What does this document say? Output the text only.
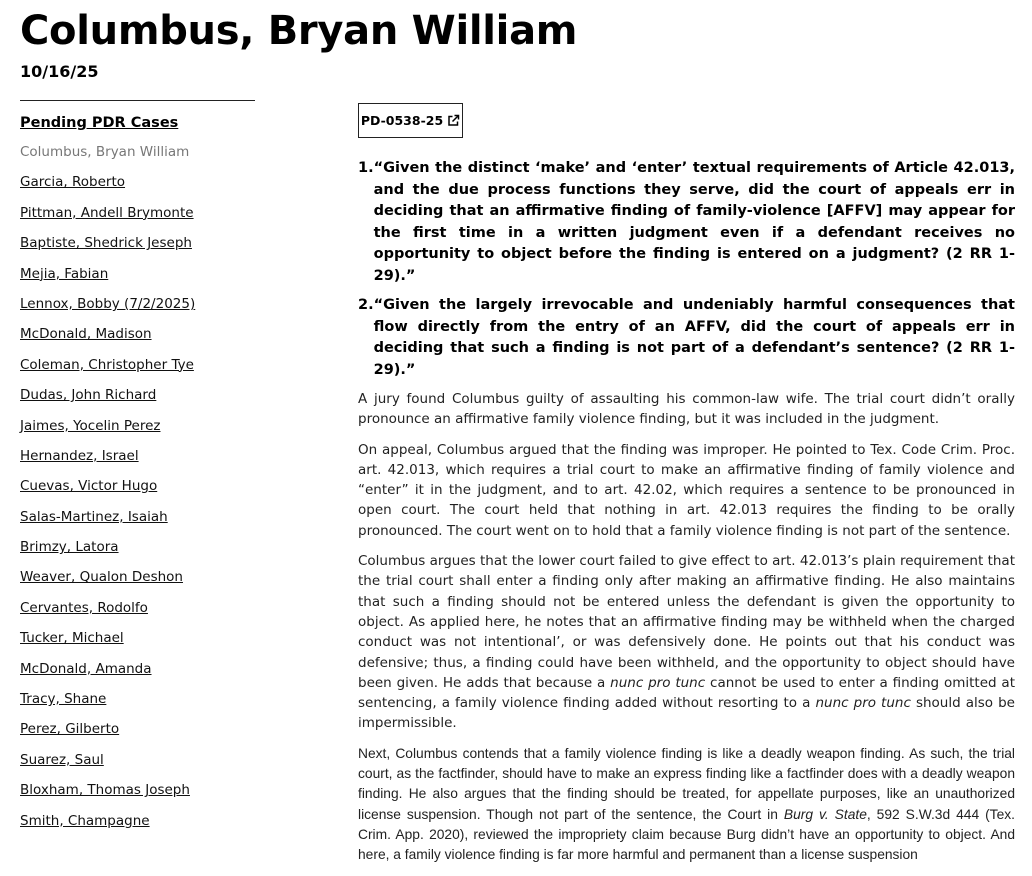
Columbus, Bryan William
10/16/25
Pending PDR Cases
Columbus, Bryan William
Garcia, Roberto
Pittman, Andell Brymonte
Baptiste, Shedrick Jeseph
Mejia, Fabian
Lennox, Bobby (7/2/2025)
McDonald, Madison
Coleman, Christopher Tye
Dudas, John Richard
Jaimes, Yocelin Perez
Hernandez, Israel
Cuevas, Victor Hugo
Salas-Martinez, Isaiah
Brimzy, Latora
Weaver, Qualon Deshon
Cervantes, Rodolfo
Tucker, Michael
McDonald, Amanda
Tracy, Shane
Perez, Gilberto
Suarez, Saul
Bloxham, Thomas Joseph
Smith, Champagne
PD-0538-25
1. “Given the distinct ‘make’ and ‘enter’ textual requirements of Article 42.013, and the due process functions they serve, did the court of appeals err in deciding that an affirmative finding of family-violence [AFFV] may appear for the first time in a written judgment even if a defendant receives no opportunity to object before the finding is entered on a judgment? (2 RR 1-29).”
2. “Given the largely irrevocable and undeniably harmful consequences that flow directly from the entry of an AFFV, did the court of appeals err in deciding that such a finding is not part of a defendant’s sentence? (2 RR 1-29).”

A jury found Columbus guilty of assaulting his common-law wife. The trial court didn’t orally pronounce an affirmative family violence finding, but it was included in the judgment.

On appeal, Columbus argued that the finding was improper. He pointed to Tex. Code Crim. Proc. art. 42.013, which requires a trial court to make an affirmative finding of family violence and “enter” it in the judgment, and to art. 42.02, which requires a sentence to be pronounced in open court. The court held that nothing in art. 42.013 requires the finding to be orally pronounced. The court went on to hold that a family violence finding is not part of the sentence.

Columbus argues that the lower court failed to give effect to art. 42.013’s plain requirement that the trial court shall enter a finding only after making an affirmative finding. He also maintains that such a finding should not be entered unless the defendant is given the opportunity to object. As applied here, he notes that an affirmative finding may be withheld when the charged conduct was not intentional’, or was defensively done. He points out that his conduct was defensive; thus, a finding could have been withheld, and the opportunity to object should have been given. He adds that because a nunc pro tunc cannot be used to enter a finding omitted at sentencing, a family violence finding added without resorting to a nunc pro tunc should also be impermissible.

Next, Columbus contends that a family violence finding is like a deadly weapon finding. As such, the trial court, as the factfinder, should have to make an express finding like a factfinder does with a deadly weapon finding. He also argues that the finding should be treated, for appellate purposes, like an unauthorized license suspension. Though not part of the sentence, the Court in Burg v. State, 592 S.W.3d 444 (Tex. Crim. App. 2020), reviewed the impropriety claim because Burg didn’t have an opportunity to object. And here, a family violence finding is far more harmful and permanent than a license suspension
